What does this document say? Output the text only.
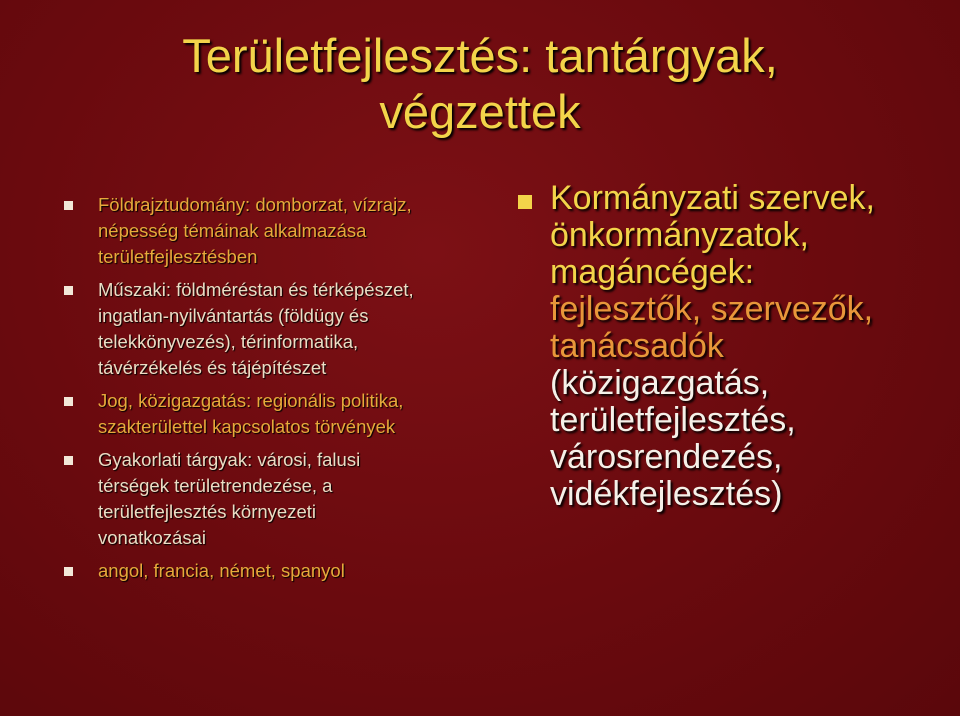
Területfejlesztés: tantárgyak,
végzettek
Földrajztudomány: domborzat, vízrajz,
népesség témáinak alkalmazása
területfejlesztésben
Műszaki: földméréstan és térképészet,
ingatlan-nyilvántartás (földügy és
telekkönyvezés), térinformatika,
távérzékelés és tájépítészet
Jog, közigazgatás: regionális politika,
szakterülettel kapcsolatos törvények
Gyakorlati tárgyak: városi, falusi
térségek területrendezése, a
területfejlesztés környezeti
vonatkozásai
angol, francia, német, spanyol
Kormányzati szervek,
önkormányzatok,
magáncégek:
fejlesztők, szervezők,
tanácsadók
(közigazgatás,
területfejlesztés,
városrendezés,
vidékfejlesztés)
